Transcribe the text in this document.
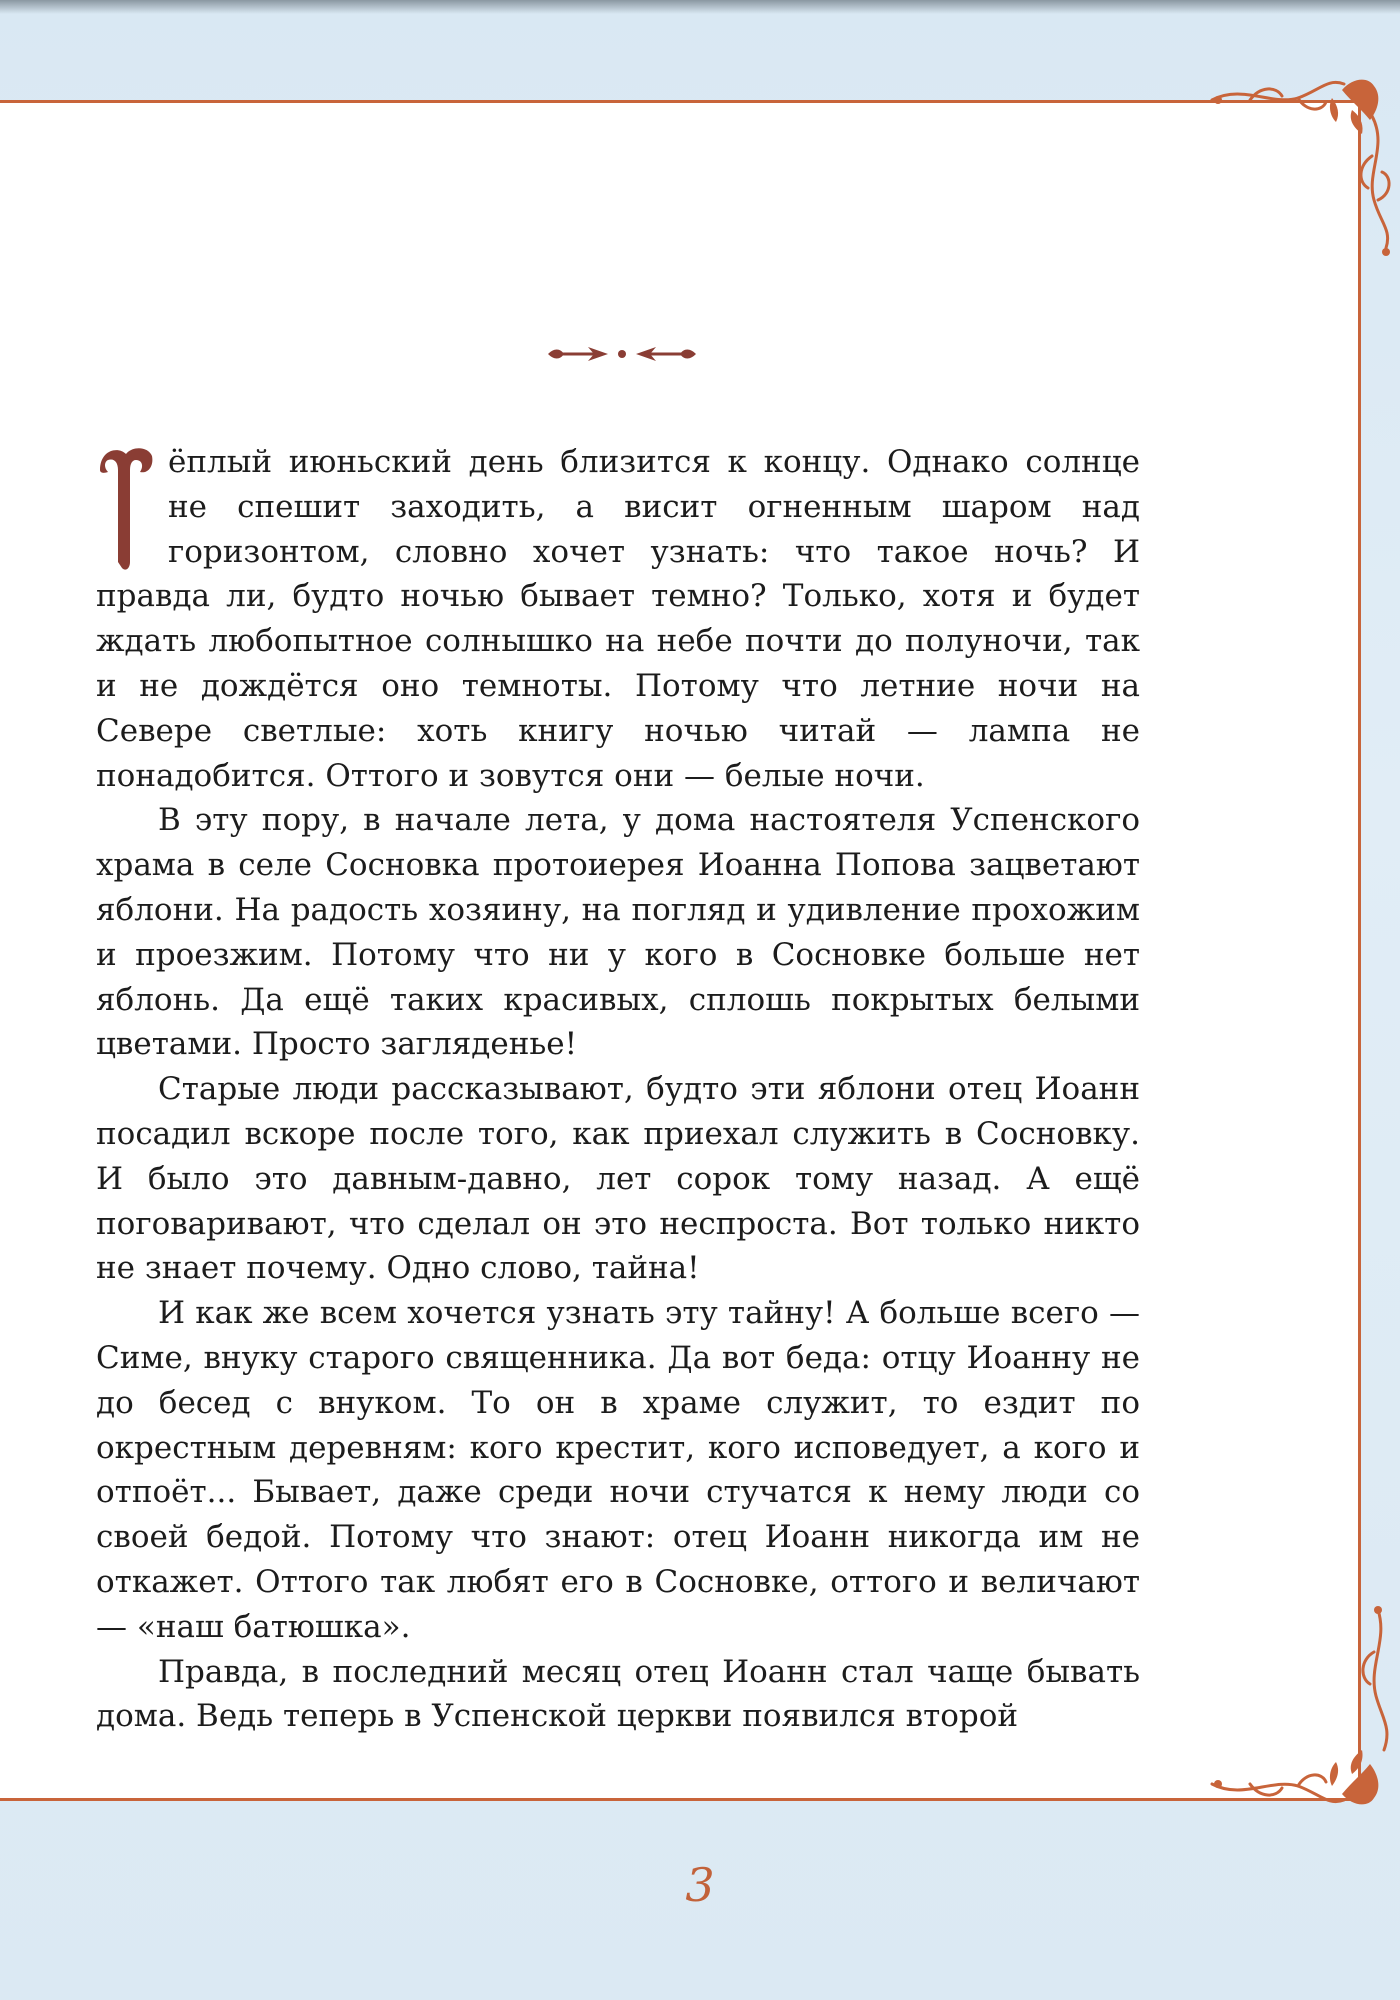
ёплый июньский день близится к концу. Однако солнце не спешит заходить, а висит огненным шаром над горизонтом, словно хочет узнать: что такое ночь? И правда ли, будто ночью бывает темно? Только, хотя и будет ждать любопытное солнышко на небе почти до полуночи, так и не дождётся оно темноты. Потому что летние ночи на Севере светлые: хоть книгу ночью читай — лампа не понадобится. Оттого и зовутся они — белые ночи.

В эту пору, в начале лета, у дома настоятеля Успенского храма в селе Сосновка протоиерея Иоанна Попова зацветают яблони. На радость хозяину, на погляд и удивление прохожим и проезжим. Потому что ни у кого в Сосновке больше нет яблонь. Да ещё таких красивых, сплошь покрытых белыми цветами. Просто загляденье!

Старые люди рассказывают, будто эти яблони отец Иоанн посадил вскоре после того, как приехал служить в Сосновку. И было это давным-давно, лет сорок тому назад. А ещё поговаривают, что сделал он это неспроста. Вот только никто не знает почему. Одно слово, тайна!

И как же всем хочется узнать эту тайну! А больше всего — Симе, внуку старого священника. Да вот беда: отцу Иоанну не до бесед с внуком. То он в храме служит, то ездит по окрестным деревням: кого крестит, кого исповедует, а кого и отпоёт... Бывает, даже среди ночи стучатся к нему люди со своей бедой. Потому что знают: отец Иоанн никогда им не откажет. Оттого так любят его в Сосновке, оттого и величают — «наш батюшка».

Правда, в последний месяц отец Иоанн стал чаще бывать дома. Ведь теперь в Успенской церкви появился второй

3
